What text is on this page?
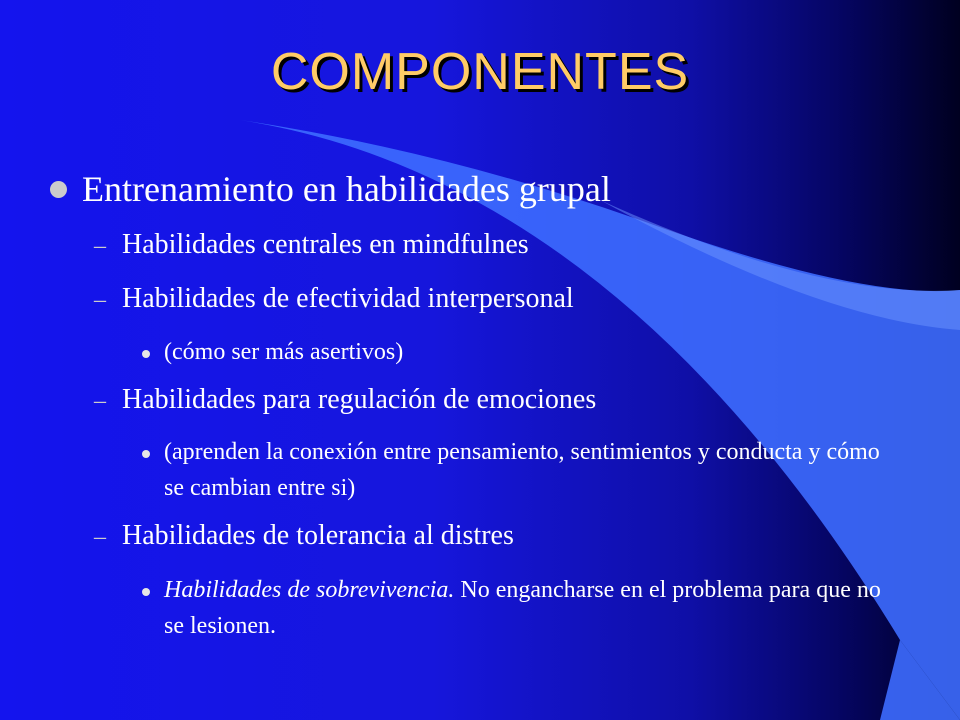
COMPONENTES
Entrenamiento en habilidades grupal
– Habilidades centrales en mindfulnes
– Habilidades de efectividad interpersonal
(cómo ser más asertivos)
– Habilidades para regulación de emociones
(aprenden la conexión entre pensamiento, sentimientos y conducta y cómo se cambian entre si)
– Habilidades de tolerancia al distres
Habilidades de sobrevivencia. No engancharse en el problema para que no se lesionen.
